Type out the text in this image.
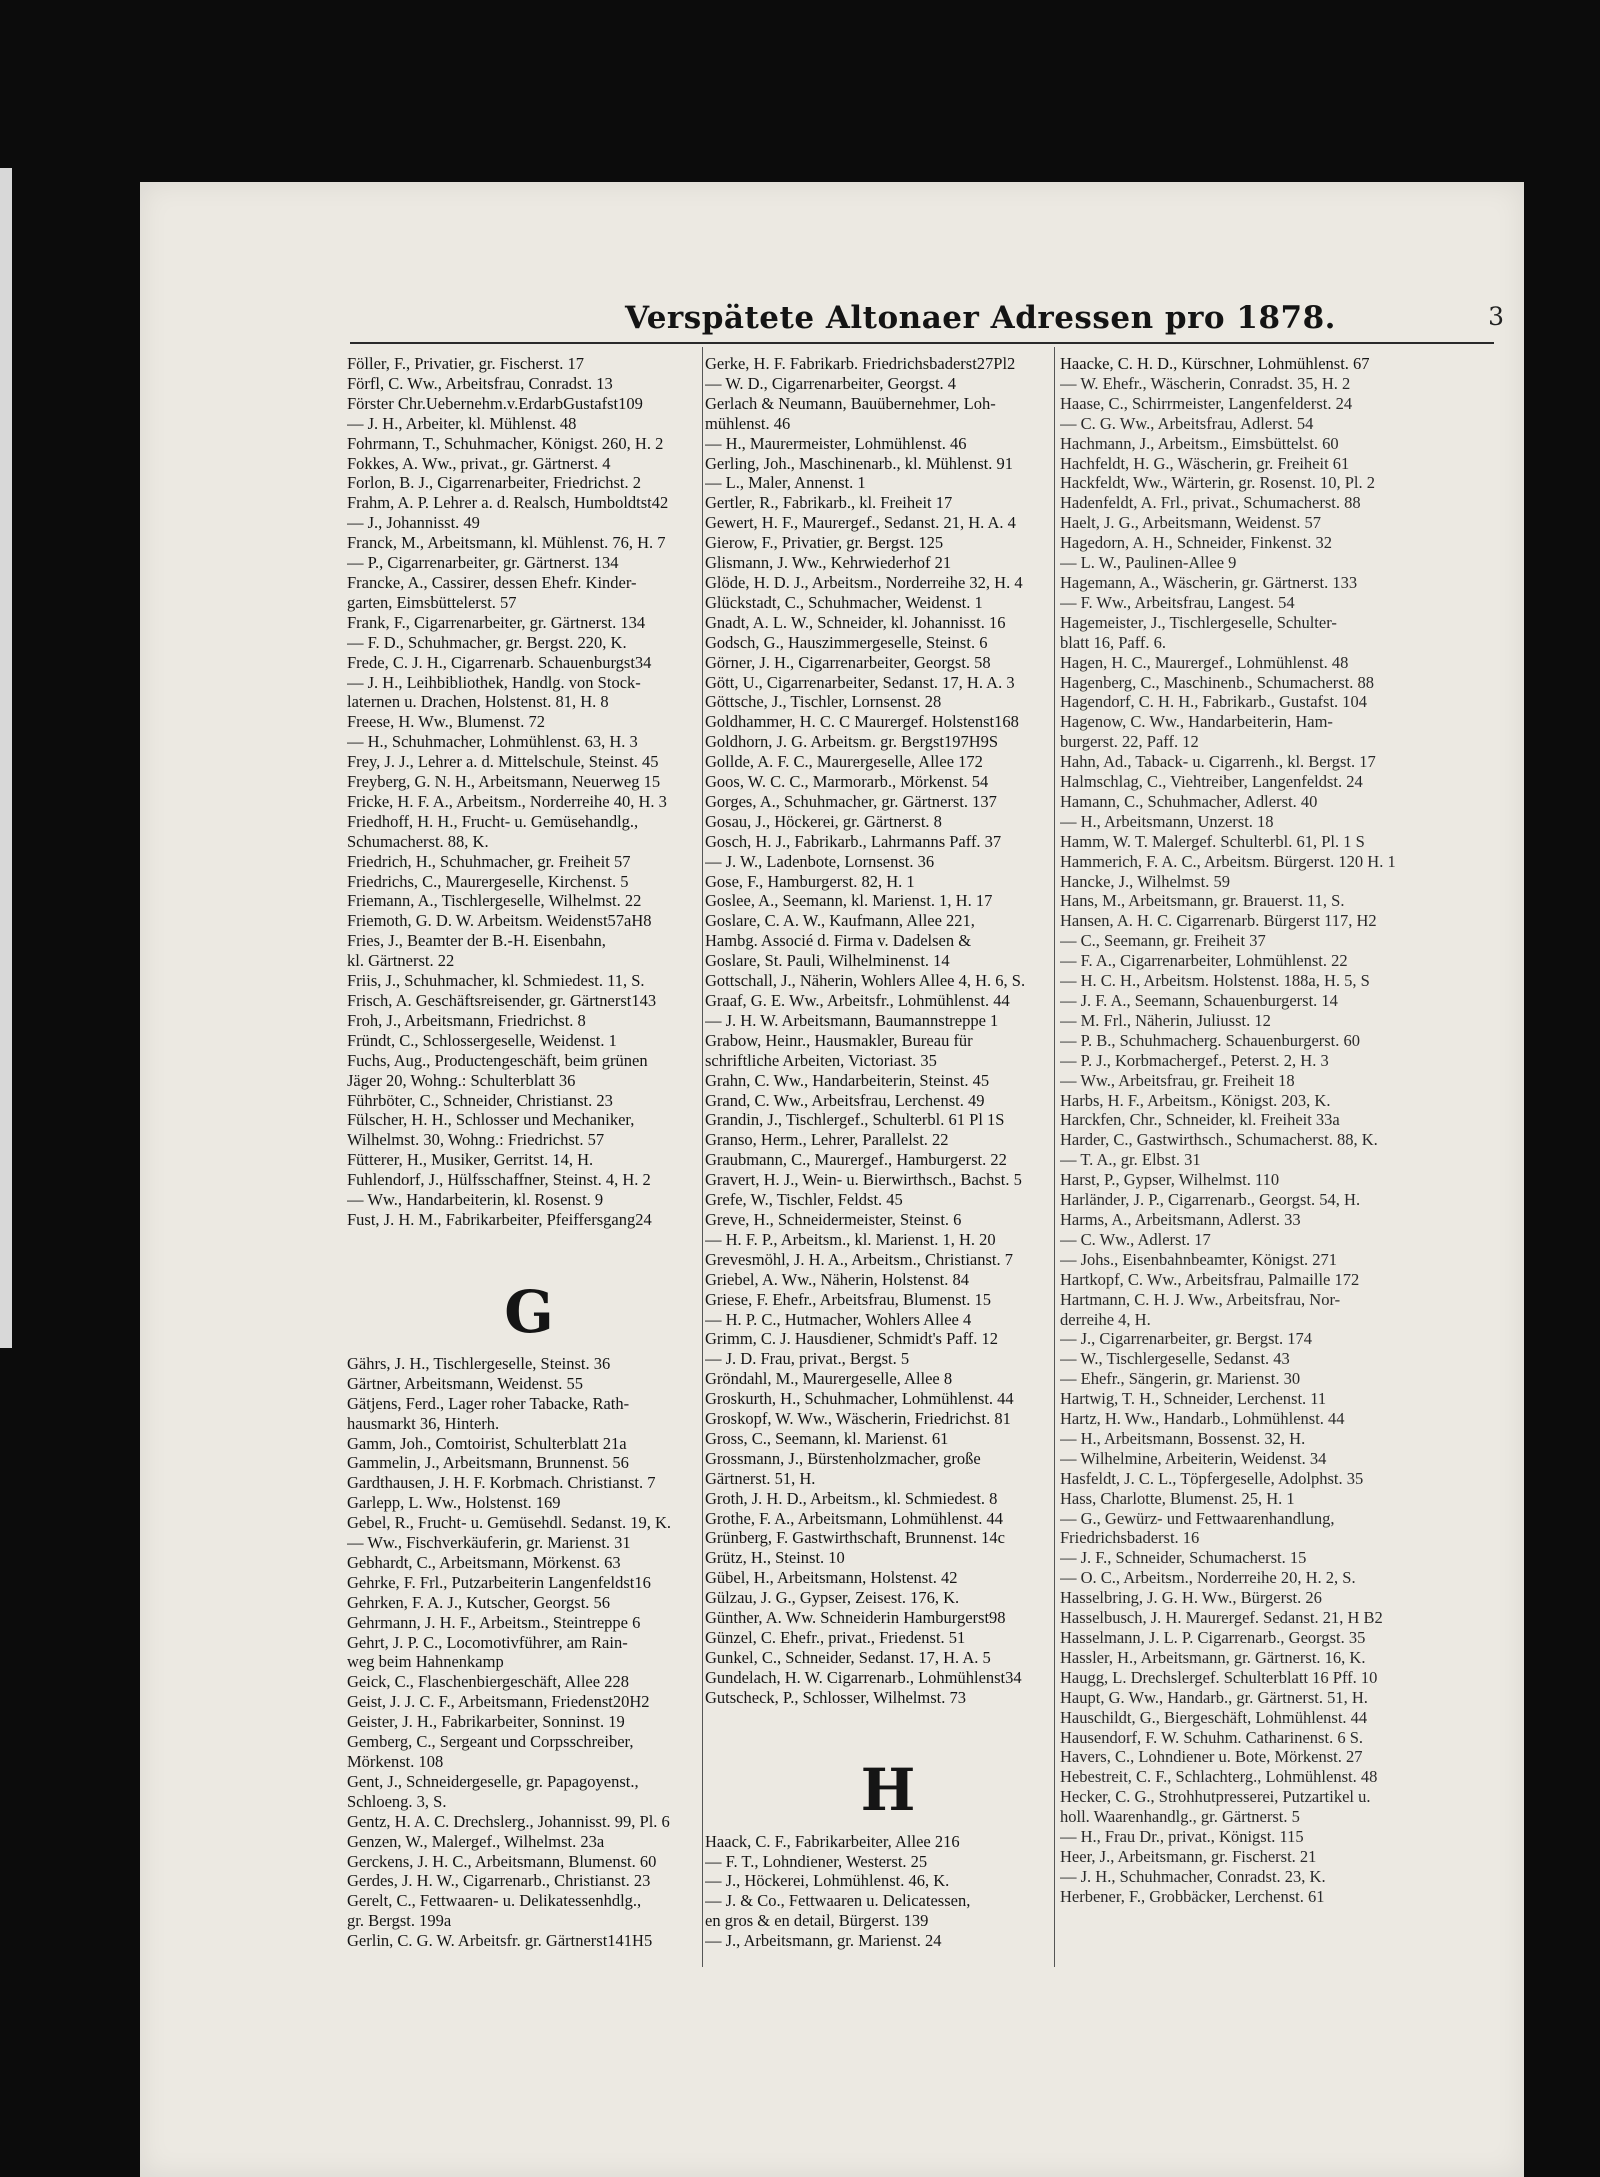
Verspätete Altonaer Adressen pro 1878.	3
Föller, F., Privatier, gr. Fischerst. 17
Förfl, C. Ww., Arbeitsfrau, Conradst. 13
Förster Chr.Uebernehm.v.ErdarbGustafst109
— J. H., Arbeiter, kl. Mühlenst. 48
Fohrmann, T., Schuhmacher, Königst. 260, H. 2
Fokkes, A. Ww., privat., gr. Gärtnerst. 4
Forlon, B. J., Cigarrenarbeiter, Friedrichst. 2
Frahm, A. P. Lehrer a. d. Realsch, Humboldtst42
— J., Johannisst. 49
Franck, M., Arbeitsmann, kl. Mühlenst. 76, H. 7
— P., Cigarrenarbeiter, gr. Gärtnerst. 134
Francke, A., Cassirer, dessen Ehefr. Kinder-
garten, Eimsbüttelerst. 57
Frank, F., Cigarrenarbeiter, gr. Gärtnerst. 134
— F. D., Schuhmacher, gr. Bergst. 220, K.
Frede, C. J. H., Cigarrenarb. Schauenburgst34
— J. H., Leihbibliothek, Handlg. von Stock-
laternen u. Drachen, Holstenst. 81, H. 8
Freese, H. Ww., Blumenst. 72
— H., Schuhmacher, Lohmühlenst. 63, H. 3
Frey, J. J., Lehrer a. d. Mittelschule, Steinst. 45
Freyberg, G. N. H., Arbeitsmann, Neuerweg 15
Fricke, H. F. A., Arbeitsm., Norderreihe 40, H. 3
Friedhoff, H. H., Frucht- u. Gemüsehandlg.,
Schumacherst. 88, K.
Friedrich, H., Schuhmacher, gr. Freiheit 57
Friedrichs, C., Maurergeselle, Kirchenst. 5
Friemann, A., Tischlergeselle, Wilhelmst. 22
Friemoth, G. D. W. Arbeitsm. Weidenst57aH8
Fries, J., Beamter der B.-H. Eisenbahn,
kl. Gärtnerst. 22
Friis, J., Schuhmacher, kl. Schmiedest. 11, S.
Frisch, A. Geschäftsreisender, gr. Gärtnerst143
Froh, J., Arbeitsmann, Friedrichst. 8
Fründt, C., Schlossergeselle, Weidenst. 1
Fuchs, Aug., Productengeschäft, beim grünen
Jäger 20, Wohng.: Schulterblatt 36
Führböter, C., Schneider, Christianst. 23
Fülscher, H. H., Schlosser und Mechaniker,
Wilhelmst. 30, Wohng.: Friedrichst. 57
Fütterer, H., Musiker, Gerritst. 14, H.
Fuhlendorf, J., Hülfsschaffner, Steinst. 4, H. 2
— Ww., Handarbeiterin, kl. Rosenst. 9
Fust, J. H. M., Fabrikarbeiter, Pfeiffersgang24
G
Gährs, J. H., Tischlergeselle, Steinst. 36
Gärtner, Arbeitsmann, Weidenst. 55
Gätjens, Ferd., Lager roher Tabacke, Rath-
hausmarkt 36, Hinterh.
Gamm, Joh., Comtoirist, Schulterblatt 21a
Gammelin, J., Arbeitsmann, Brunnenst. 56
Gardthausen, J. H. F. Korbmach. Christianst. 7
Garlepp, L. Ww., Holstenst. 169
Gebel, R., Frucht- u. Gemüsehdl. Sedanst. 19, K.
— Ww., Fischverkäuferin, gr. Marienst. 31
Gebhardt, C., Arbeitsmann, Mörkenst. 63
Gehrke, F. Frl., Putzarbeiterin Langenfeldst16
Gehrken, F. A. J., Kutscher, Georgst. 56
Gehrmann, J. H. F., Arbeitsm., Steintreppe 6
Gehrt, J. P. C., Locomotivführer, am Rain-
weg beim Hahnenkamp
Geick, C., Flaschenbiergeschäft, Allee 228
Geist, J. J. C. F., Arbeitsmann, Friedenst20H2
Geister, J. H., Fabrikarbeiter, Sonninst. 19
Gemberg, C., Sergeant und Corpsschreiber,
Mörkenst. 108
Gent, J., Schneidergeselle, gr. Papagoyenst.,
Schloeng. 3, S.
Gentz, H. A. C. Drechslerg., Johannisst. 99, Pl. 6
Genzen, W., Malergef., Wilhelmst. 23a
Gerckens, J. H. C., Arbeitsmann, Blumenst. 60
Gerdes, J. H. W., Cigarrenarb., Christianst. 23
Gerelt, C., Fettwaaren- u. Delikatessenhdlg.,
gr. Bergst. 199a
Gerlin, C. G. W. Arbeitsfr. gr. Gärtnerst141H5
Gerke, H. F. Fabrikarb. Friedrichsbaderst27Pl2
— W. D., Cigarrenarbeiter, Georgst. 4
Gerlach & Neumann, Bauübernehmer, Loh-
mühlenst. 46
— H., Maurermeister, Lohmühlenst. 46
Gerling, Joh., Maschinenarb., kl. Mühlenst. 91
— L., Maler, Annenst. 1
Gertler, R., Fabrikarb., kl. Freiheit 17
Gewert, H. F., Maurergef., Sedanst. 21, H. A. 4
Gierow, F., Privatier, gr. Bergst. 125
Glismann, J. Ww., Kehrwiederhof 21
Glöde, H. D. J., Arbeitsm., Norderreihe 32, H. 4
Glückstadt, C., Schuhmacher, Weidenst. 1
Gnadt, A. L. W., Schneider, kl. Johannisst. 16
Godsch, G., Hauszimmergeselle, Steinst. 6
Görner, J. H., Cigarrenarbeiter, Georgst. 58
Gött, U., Cigarrenarbeiter, Sedanst. 17, H. A. 3
Göttsche, J., Tischler, Lornsenst. 28
Goldhammer, H. C. C Maurergef. Holstenst168
Goldhorn, J. G. Arbeitsm. gr. Bergst197H9S
Gollde, A. F. C., Maurergeselle, Allee 172
Goos, W. C. C., Marmorarb., Mörkenst. 54
Gorges, A., Schuhmacher, gr. Gärtnerst. 137
Gosau, J., Höckerei, gr. Gärtnerst. 8
Gosch, H. J., Fabrikarb., Lahrmanns Paff. 37
— J. W., Ladenbote, Lornsenst. 36
Gose, F., Hamburgerst. 82, H. 1
Goslee, A., Seemann, kl. Marienst. 1, H. 17
Goslare, C. A. W., Kaufmann, Allee 221,
Hambg. Associé d. Firma v. Dadelsen &
Goslare, St. Pauli, Wilhelminenst. 14
Gottschall, J., Näherin, Wohlers Allee 4, H. 6, S.
Graaf, G. E. Ww., Arbeitsfr., Lohmühlenst. 44
— J. H. W. Arbeitsmann, Baumannstreppe 1
Grabow, Heinr., Hausmakler, Bureau für
schriftliche Arbeiten, Victoriast. 35
Grahn, C. Ww., Handarbeiterin, Steinst. 45
Grand, C. Ww., Arbeitsfrau, Lerchenst. 49
Grandin, J., Tischlergef., Schulterbl. 61 Pl 1S
Granso, Herm., Lehrer, Parallelst. 22
Graubmann, C., Maurergef., Hamburgerst. 22
Gravert, H. J., Wein- u. Bierwirthsch., Bachst. 5
Grefe, W., Tischler, Feldst. 45
Greve, H., Schneidermeister, Steinst. 6
— H. F. P., Arbeitsm., kl. Marienst. 1, H. 20
Grevesmöhl, J. H. A., Arbeitsm., Christianst. 7
Griebel, A. Ww., Näherin, Holstenst. 84
Griese, F. Ehefr., Arbeitsfrau, Blumenst. 15
— H. P. C., Hutmacher, Wohlers Allee 4
Grimm, C. J. Hausdiener, Schmidt's Paff. 12
— J. D. Frau, privat., Bergst. 5
Gröndahl, M., Maurergeselle, Allee 8
Groskurth, H., Schuhmacher, Lohmühlenst. 44
Groskopf, W. Ww., Wäscherin, Friedrichst. 81
Gross, C., Seemann, kl. Marienst. 61
Grossmann, J., Bürstenholzmacher, große
Gärtnerst. 51, H.
Groth, J. H. D., Arbeitsm., kl. Schmiedest. 8
Grothe, F. A., Arbeitsmann, Lohmühlenst. 44
Grünberg, F. Gastwirthschaft, Brunnenst. 14c
Grütz, H., Steinst. 10
Gübel, H., Arbeitsmann, Holstenst. 42
Gülzau, J. G., Gypser, Zeisest. 176, K.
Günther, A. Ww. Schneiderin Hamburgerst98
Günzel, C. Ehefr., privat., Friedenst. 51
Gunkel, C., Schneider, Sedanst. 17, H. A. 5
Gundelach, H. W. Cigarrenarb., Lohmühlenst34
Gutscheck, P., Schlosser, Wilhelmst. 73
H
Haack, C. F., Fabrikarbeiter, Allee 216
— F. T., Lohndiener, Westerst. 25
— J., Höckerei, Lohmühlenst. 46, K.
— J. & Co., Fettwaaren u. Delicatessen,
en gros & en detail, Bürgerst. 139
— J., Arbeitsmann, gr. Marienst. 24
Haacke, C. H. D., Kürschner, Lohmühlenst. 67
— W. Ehefr., Wäscherin, Conradst. 35, H. 2
Haase, C., Schirrmeister, Langenfelderst. 24
— C. G. Ww., Arbeitsfrau, Adlerst. 54
Hachmann, J., Arbeitsm., Eimsbüttelst. 60
Hachfeldt, H. G., Wäscherin, gr. Freiheit 61
Hackfeldt, Ww., Wärterin, gr. Rosenst. 10, Pl. 2
Hadenfeldt, A. Frl., privat., Schumacherst. 88
Haelt, J. G., Arbeitsmann, Weidenst. 57
Hagedorn, A. H., Schneider, Finkenst. 32
— L. W., Paulinen-Allee 9
Hagemann, A., Wäscherin, gr. Gärtnerst. 133
— F. Ww., Arbeitsfrau, Langest. 54
Hagemeister, J., Tischlergeselle, Schulter-
blatt 16, Paff. 6.
Hagen, H. C., Maurergef., Lohmühlenst. 48
Hagenberg, C., Maschinenb., Schumacherst. 88
Hagendorf, C. H. H., Fabrikarb., Gustafst. 104
Hagenow, C. Ww., Handarbeiterin, Ham-
burgerst. 22, Paff. 12
Hahn, Ad., Taback- u. Cigarrenh., kl. Bergst. 17
Halmschlag, C., Viehtreiber, Langenfeldst. 24
Hamann, C., Schuhmacher, Adlerst. 40
— H., Arbeitsmann, Unzerst. 18
Hamm, W. T. Malergef. Schulterbl. 61, Pl. 1 S
Hammerich, F. A. C., Arbeitsm. Bürgerst. 120 H. 1
Hancke, J., Wilhelmst. 59
Hans, M., Arbeitsmann, gr. Brauerst. 11, S.
Hansen, A. H. C. Cigarrenarb. Bürgerst 117, H2
— C., Seemann, gr. Freiheit 37
— F. A., Cigarrenarbeiter, Lohmühlenst. 22
— H. C. H., Arbeitsm. Holstenst. 188a, H. 5, S
— J. F. A., Seemann, Schauenburgerst. 14
— M. Frl., Näherin, Juliusst. 12
— P. B., Schuhmacherg. Schauenburgerst. 60
— P. J., Korbmachergef., Peterst. 2, H. 3
— Ww., Arbeitsfrau, gr. Freiheit 18
Harbs, H. F., Arbeitsm., Königst. 203, K.
Harckfen, Chr., Schneider, kl. Freiheit 33a
Harder, C., Gastwirthsch., Schumacherst. 88, K.
— T. A., gr. Elbst. 31
Harst, P., Gypser, Wilhelmst. 110
Harländer, J. P., Cigarrenarb., Georgst. 54, H.
Harms, A., Arbeitsmann, Adlerst. 33
— C. Ww., Adlerst. 17
— Johs., Eisenbahnbeamter, Königst. 271
Hartkopf, C. Ww., Arbeitsfrau, Palmaille 172
Hartmann, C. H. J. Ww., Arbeitsfrau, Nor-
derreihe 4, H.
— J., Cigarrenarbeiter, gr. Bergst. 174
— W., Tischlergeselle, Sedanst. 43
— Ehefr., Sängerin, gr. Marienst. 30
Hartwig, T. H., Schneider, Lerchenst. 11
Hartz, H. Ww., Handarb., Lohmühlenst. 44
— H., Arbeitsmann, Bossenst. 32, H.
— Wilhelmine, Arbeiterin, Weidenst. 34
Hasfeldt, J. C. L., Töpfergeselle, Adolphst. 35
Hass, Charlotte, Blumenst. 25, H. 1
— G., Gewürz- und Fettwaarenhandlung,
Friedrichsbaderst. 16
— J. F., Schneider, Schumacherst. 15
— O. C., Arbeitsm., Norderreihe 20, H. 2, S.
Hasselbring, J. G. H. Ww., Bürgerst. 26
Hasselbusch, J. H. Maurergef. Sedanst. 21, H B2
Hasselmann, J. L. P. Cigarrenarb., Georgst. 35
Hassler, H., Arbeitsmann, gr. Gärtnerst. 16, K.
Haugg, L. Drechslergef. Schulterblatt 16 Pff. 10
Haupt, G. Ww., Handarb., gr. Gärtnerst. 51, H.
Hauschildt, G., Biergeschäft, Lohmühlenst. 44
Hausendorf, F. W. Schuhm. Catharinenst. 6 S.
Havers, C., Lohndiener u. Bote, Mörkenst. 27
Hebestreit, C. F., Schlachterg., Lohmühlenst. 48
Hecker, C. G., Strohhutpresserei, Putzartikel u.
holl. Waarenhandlg., gr. Gärtnerst. 5
— H., Frau Dr., privat., Königst. 115
Heer, J., Arbeitsmann, gr. Fischerst. 21
— J. H., Schuhmacher, Conradst. 23, K.
Herbener, F., Grobbäcker, Lerchenst. 61
